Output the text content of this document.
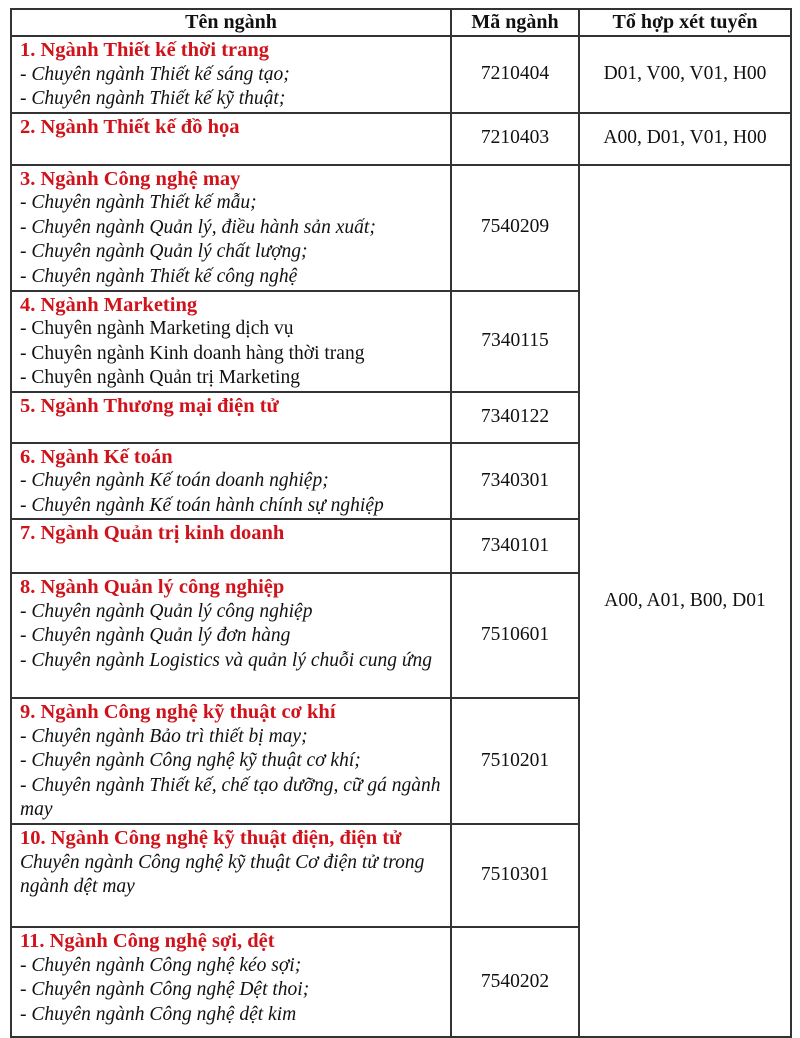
Tên ngành	Mã ngành	Tổ hợp xét tuyển

1. Ngành Thiết kế thời trang
- Chuyên ngành Thiết kế sáng tạo;
- Chuyên ngành Thiết kế kỹ thuật;	7210404	D01, V00, V01, H00

2. Ngành Thiết kế đồ họa	7210403	A00, D01, V01, H00

3. Ngành Công nghệ may
- Chuyên ngành Thiết kế mẫu;
- Chuyên ngành Quản lý, điều hành sản xuất;
- Chuyên ngành Quản lý chất lượng;
- Chuyên ngành Thiết kế công nghệ	7540209	A00, A01, B00, D01

4. Ngành Marketing
- Chuyên ngành Marketing dịch vụ
- Chuyên ngành Kinh doanh hàng thời trang
- Chuyên ngành Quản trị Marketing	7340115	

5. Ngành Thương mại điện tử	7340122	

6. Ngành Kế toán
- Chuyên ngành Kế toán doanh nghiệp;
- Chuyên ngành Kế toán hành chính sự nghiệp	7340301	

7. Ngành Quản trị kinh doanh	7340101	

8. Ngành Quản lý công nghiệp
- Chuyên ngành Quản lý công nghiệp
- Chuyên ngành Quản lý đơn hàng
- Chuyên ngành Logistics và quản lý chuỗi cung ứng	7510601	

9. Ngành Công nghệ kỹ thuật cơ khí
- Chuyên ngành Bảo trì thiết bị may;
- Chuyên ngành Công nghệ kỹ thuật cơ khí;
- Chuyên ngành Thiết kế, chế tạo dưỡng, cữ gá ngành may	7510201	

10. Ngành Công nghệ kỹ thuật điện, điện tử
Chuyên ngành Công nghệ kỹ thuật Cơ điện tử trong ngành dệt may	7510301	

11. Ngành Công nghệ sợi, dệt
- Chuyên ngành Công nghệ kéo sợi;
- Chuyên ngành Công nghệ Dệt thoi;
- Chuyên ngành Công nghệ dệt kim	7540202	
